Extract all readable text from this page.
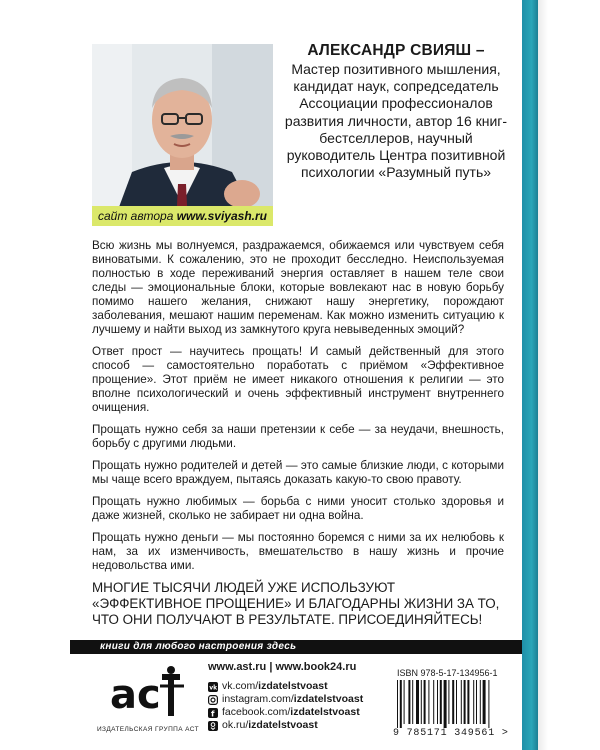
сайт автора www.sviyash.ru
АЛЕКСАНДР СВИЯШ –
Мастер позитивного мышления, кандидат наук, сопредседатель Ассоциации профессионалов развития личности, автор 16 книг-бестселлеров, научный руководитель Центра позитивной психологии «Разумный путь»

Всю жизнь мы волнуемся, раздражаемся, обижаемся или чувствуем себя виноватыми. К сожалению, это не проходит бесследно. Неиспользуемая полностью в ходе переживаний энергия оставляет в нашем теле свои следы — эмоциональные блоки, которые вовлекают нас в новую борьбу помимо нашего желания, снижают нашу энергетику, порождают заболевания, мешают нашим переменам. Как можно изменить ситуацию к лучшему и найти выход из замкнутого круга невыведенных эмоций?

Ответ прост — научитесь прощать! И самый действенный для этого способ — самостоятельно поработать с приёмом «Эффективное прощение». Этот приём не имеет никакого отношения к религии — это вполне психологический и очень эффективный инструмент внутреннего очищения.

Прощать нужно себя за наши претензии к себе — за неудачи, внешность, борьбу с другими людьми.

Прощать нужно родителей и детей — это самые близкие люди, с которыми мы чаще всего враждуем, пытаясь доказать какую-то свою правоту.

Прощать нужно любимых — борьба с ними уносит столько здоровья и даже жизней, сколько не забирает ни одна война.

Прощать нужно деньги — мы постоянно боремся с ними за их нелюбовь к нам, за их изменчивость, вмешательство в нашу жизнь и прочие недовольства ими.

МНОГИЕ ТЫСЯЧИ ЛЮДЕЙ УЖЕ ИСПОЛЬЗУЮТ «ЭФФЕКТИВНОЕ ПРОЩЕНИЕ» И БЛАГОДАРНЫ ЖИЗНИ ЗА ТО, ЧТО ОНИ ПОЛУЧАЮТ В РЕЗУЛЬТАТЕ. ПРИСОЕДИНЯЙТЕСЬ!
книги для любого настроения здесь
ac
ИЗДАТЕЛЬСКАЯ ГРУППА АСТ
www.ast.ru | www.book24.ru
vk vk.com/ izdatelstvoast
instagram.com/ izdatelstvoast
f facebook.com/ izdatelstvoast
ok.ru/ izdatelstvoast
ISBN 978-5-17-134956-1
9 785171 349561 >
